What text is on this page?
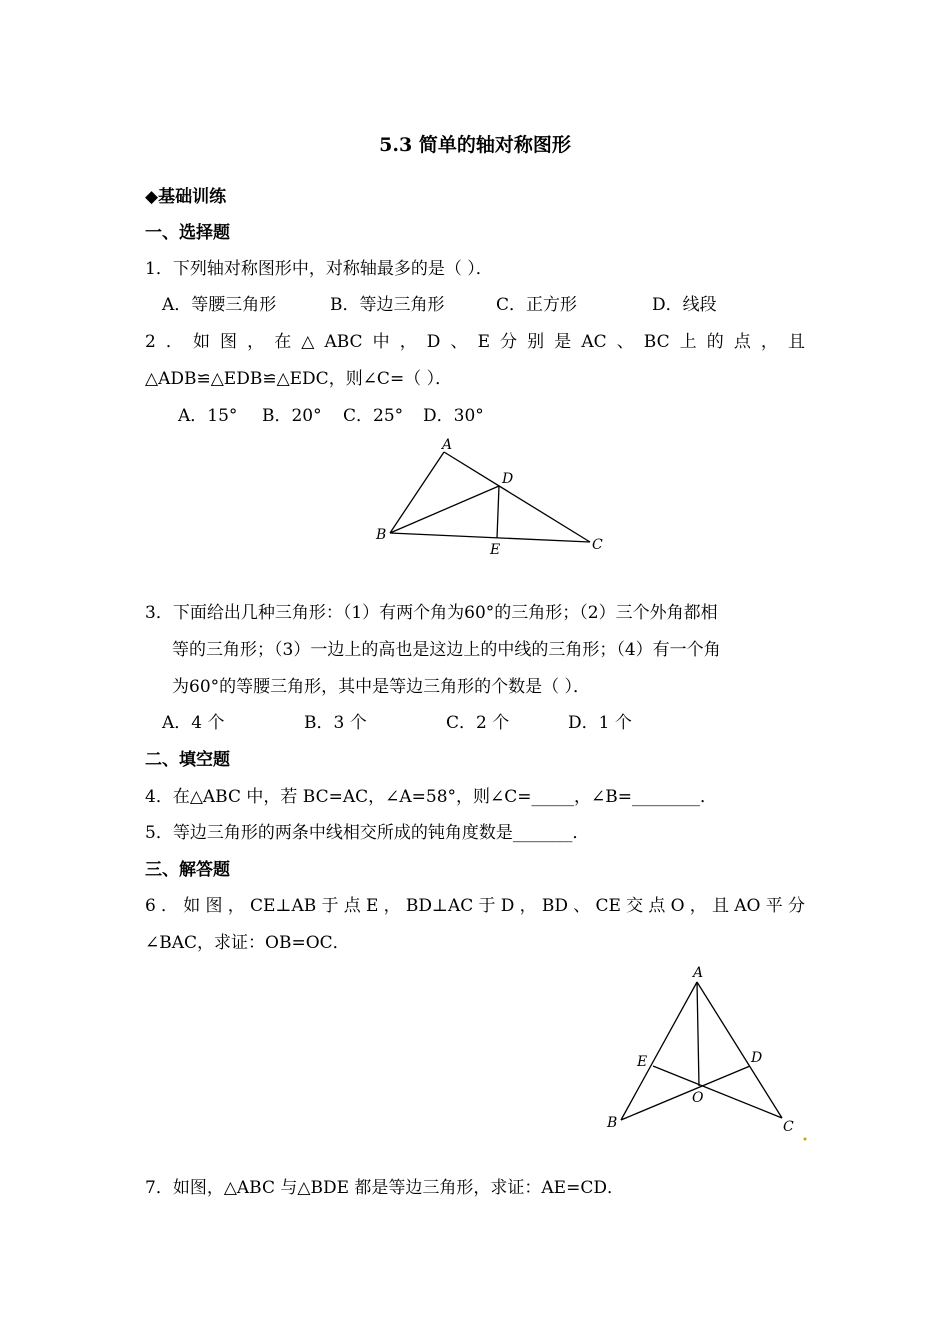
5.3 简单的轴对称图形
◆基础训练
一、选择题
1．下列轴对称图形中，对称轴最多的是（ ）．
A．等腰三角形	B．等边三角形	C．正方形	D．线段
2．如图，在△ABC中，D、E分别是AC、BC上的点，且
△ADB≌△EDB≌△EDC，则∠C=（ ）．
A．15° B．20° C．25° D．30°
A
D
B
E	C
3．下面给出几种三角形：（1）有两个角为60°的三角形；（2）三个外角都相
等的三角形；（3）一边上的高也是这边上的中线的三角形；（4）有一个角
为60°的等腰三角形，其中是等边三角形的个数是（ ）．
A．4 个	B．3 个	C．2 个	D．1 个
二、填空题
4．在△ABC 中，若 BC=AC，∠A=58°，则∠C=_____，∠B=________．
5．等边三角形的两条中线相交所成的钝角度数是_______．
三、解答题
6．如图，CE⊥AB于点E，BD⊥AC于D，BD、CE交点O，且AO平分
∠BAC，求证：OB=OC．
A
E	D
O
B	C
7．如图，△ABC 与△BDE 都是等边三角形，求证：AE=CD．
